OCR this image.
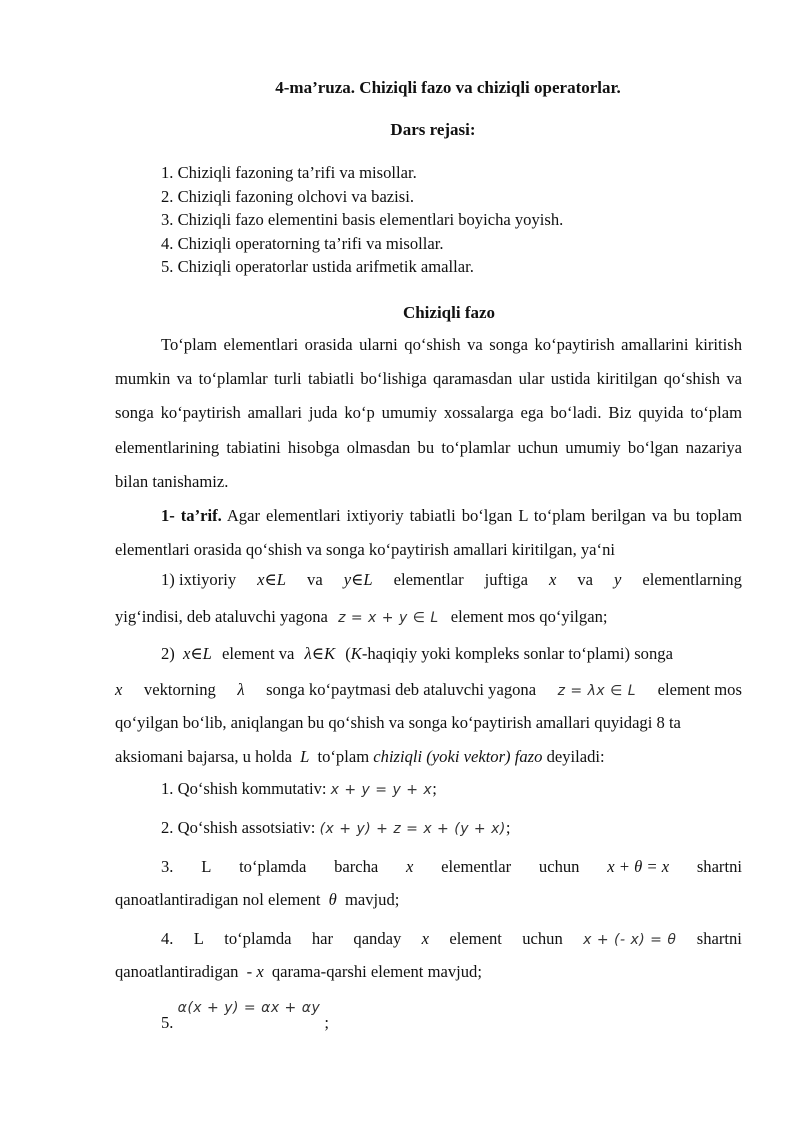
4-ma’ruza. Chiziqli fazo va chiziqli operatorlar.
Dars rejasi:
1. Chiziqli fazoning ta’rifi va misollar.
2. Chiziqli fazoning olchovi va bazisi.
3. Chiziqli fazo elementini basis elementlari boyicha yoyish.
4. Chiziqli operatorning ta’rifi va misollar.
5. Chiziqli operatorlar ustida arifmetik amallar.
Chiziqli fazo

To‘plam elementlari orasida ularni qo‘shish va songa ko‘paytirish amallarini kiritish mumkin va to‘plamlar turli tabiatli bo‘lishiga qaramasdan ular ustida kiritilgan qo‘shish va songa ko‘paytirish amallari juda ko‘p umumiy xossalarga ega bo‘ladi. Biz quyida to‘plam elementlarining tabiatini hisobga olmasdan bu to‘plamlar uchun umumiy bo‘lgan nazariya bilan tanishamiz.

1- ta’rif. Agar elementlari ixtiyoriy tabiatli bo‘lgan L to‘plam berilgan va bu toplam elementlari orasida qo‘shish va songa ko‘paytirish amallari kiritilgan, ya‘ni

1) ixtiyoriy x∈L va y∈L elementlar juftiga x va y elementlarning
yig‘indisi, deb ataluvchi yagona z = x + y ∈ L element mos qo‘yilgan;
2) x∈L element va λ∈K (K-haqiqiy yoki kompleks sonlar to‘plami) songa
x vektorning λ songa ko‘paytmasi deb ataluvchi yagona z = λx ∈ L element mos
qo‘yilgan bo‘lib, aniqlangan bu qo‘shish va songa ko‘paytirish amallari quyidagi 8 ta
aksiomani bajarsa, u holda L to‘plam chiziqli (yoki vektor) fazo deyiladi:
1. Qo‘shish kommutativ: x + y = y + x;
2. Qo‘shish assotsiativ: (x + y) + z = x + (y + x);
3. L to‘plamda barcha x elementlar uchun x + θ = x shartni
qanoatlantiradigan nol element θ mavjud;
4. L to‘plamda har qanday x element uchun x + (- x) = θ shartni
qanoatlantiradigan - x qarama-qarshi element mavjud;
5. $^{\alpha(x + y) = \alpha x + \alpha y}$ ;
